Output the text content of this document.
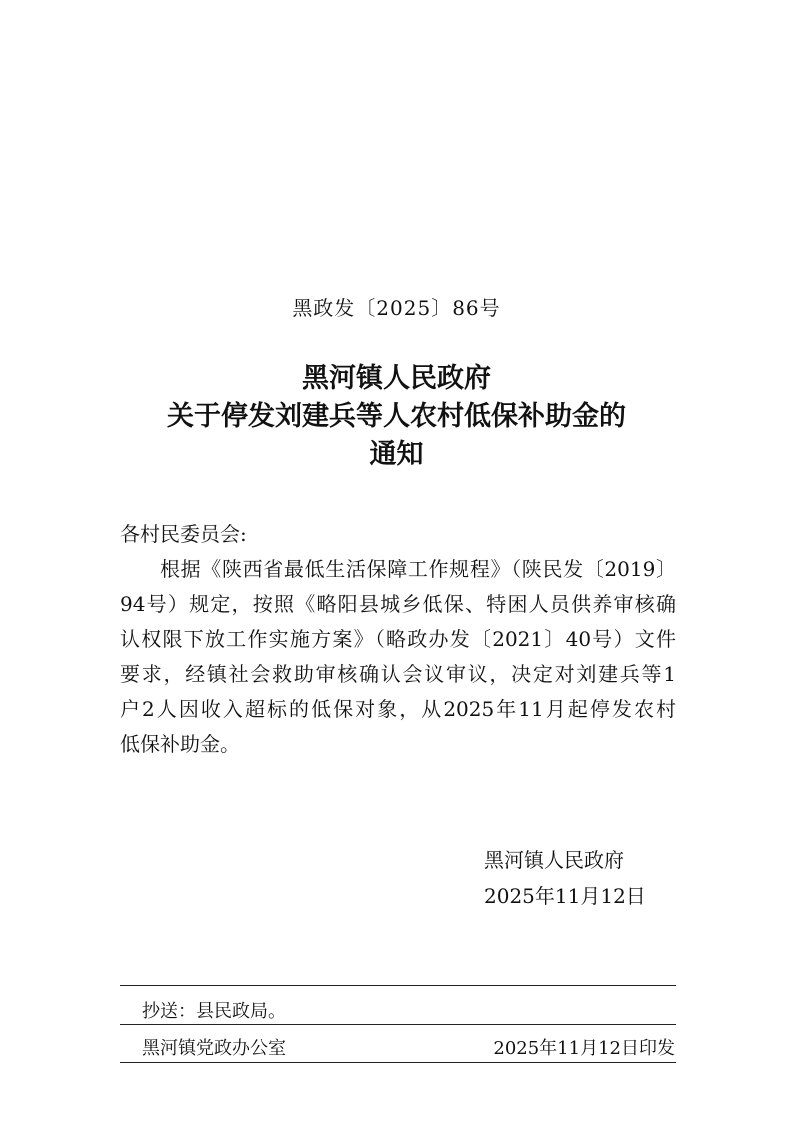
黑政发〔2025〕86号
黑河镇人民政府
关于停发刘建兵等人农村低保补助金的
通知
各村民委员会:
根据《陕西省最低生活保障工作规程》（陕民发〔2019〕
94号）规定，按照《略阳县城乡低保、特困人员供养审核确
认权限下放工作实施方案》（略政办发〔2021〕40号）文件
要求，经镇社会救助审核确认会议审议，决定对刘建兵等1
户2人因收入超标的低保对象，从2025年11月起停发农村
低保补助金。
黑河镇人民政府
2025年11月12日
抄送：县民政局。
黑河镇党政办公室	2025年11月12日印发
